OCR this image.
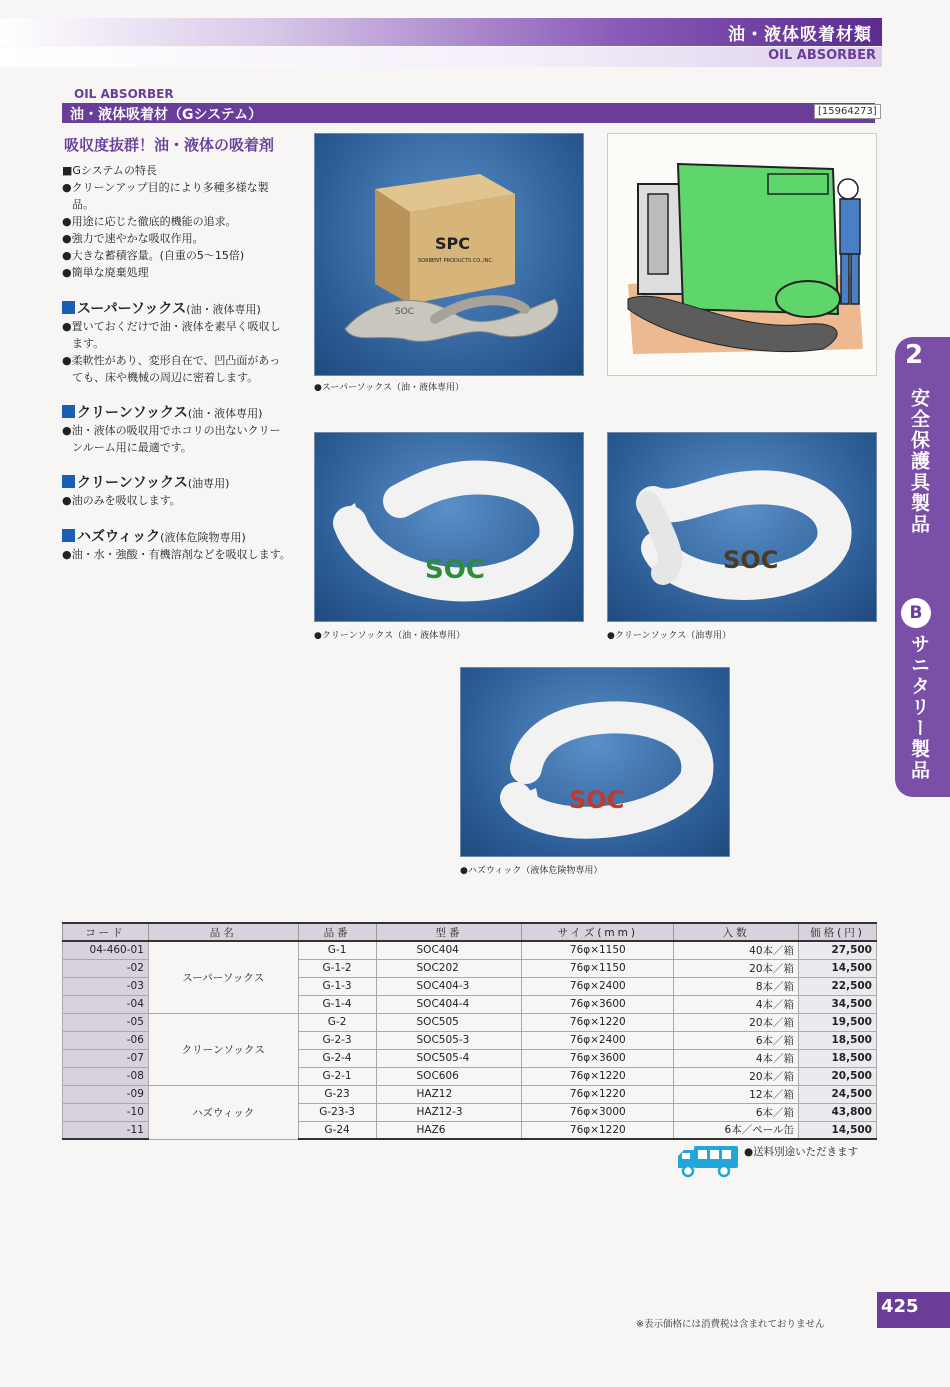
油・液体吸着材類
OIL ABSORBER
OIL ABSORBER
油・液体吸着材（Gシステム）	[15964273]
吸収度抜群！油・液体の吸着剤
■Gシステムの特長
●クリーンアップ目的により多種多様な製
品。
●用途に応じた徹底的機能の追求。
●強力で速やかな吸収作用。
●大きな蓄積容量。(自重の5～15倍)
●簡単な廃棄処理
スーパーソックス(油・液体専用)
●置いておくだけで油・液体を素早く吸収し
ます。
●柔軟性があり、変形自在で、凹凸面があっ
ても、床や機械の周辺に密着します。
クリーンソックス(油・液体専用)
●油・液体の吸収用でホコリの出ないクリー
ンルーム用に最適です。
クリーンソックス(油専用)
●油のみを吸収します。
ハズウィック(液体危険物専用)
●油・水・強酸・有機溶剤などを吸収します。
SPC
SORBENT PRODUCTS CO.,INC.
SOC
●スーパーソックス（油・液体専用）
SOC
●クリーンソックス（油・液体専用）
SOC
●クリーンソックス（油専用）
SOC
●ハズウィック（液体危険物専用）
2
安全保護具製品
B
サニタリー製品
コード	品名	品番	型番	サイズ(mm)	入数	価格(円)
04-460-01	スーパーソックス	G-1	SOC404	76φ×1150	40本／箱	27,500
-02		G-1-2	SOC202	76φ×1150	20本／箱	14,500
-03		G-1-3	SOC404-3	76φ×2400	8本／箱	22,500
-04		G-1-4	SOC404-4	76φ×3600	4本／箱	34,500
-05	クリーンソックス	G-2	SOC505	76φ×1220	20本／箱	19,500
-06		G-2-3	SOC505-3	76φ×2400	6本／箱	18,500
-07		G-2-4	SOC505-4	76φ×3600	4本／箱	18,500
-08		G-2-1	SOC606	76φ×1220	20本／箱	20,500
-09	ハズウィック	G-23	HAZ12	76φ×1220	12本／箱	24,500
-10		G-23-3	HAZ12-3	76φ×3000	6本／箱	43,800
-11		G-24	HAZ6	76φ×1220	6本／ペール缶	14,500
●送料別途いただきます
425
※表示価格には消費税は含まれておりません
